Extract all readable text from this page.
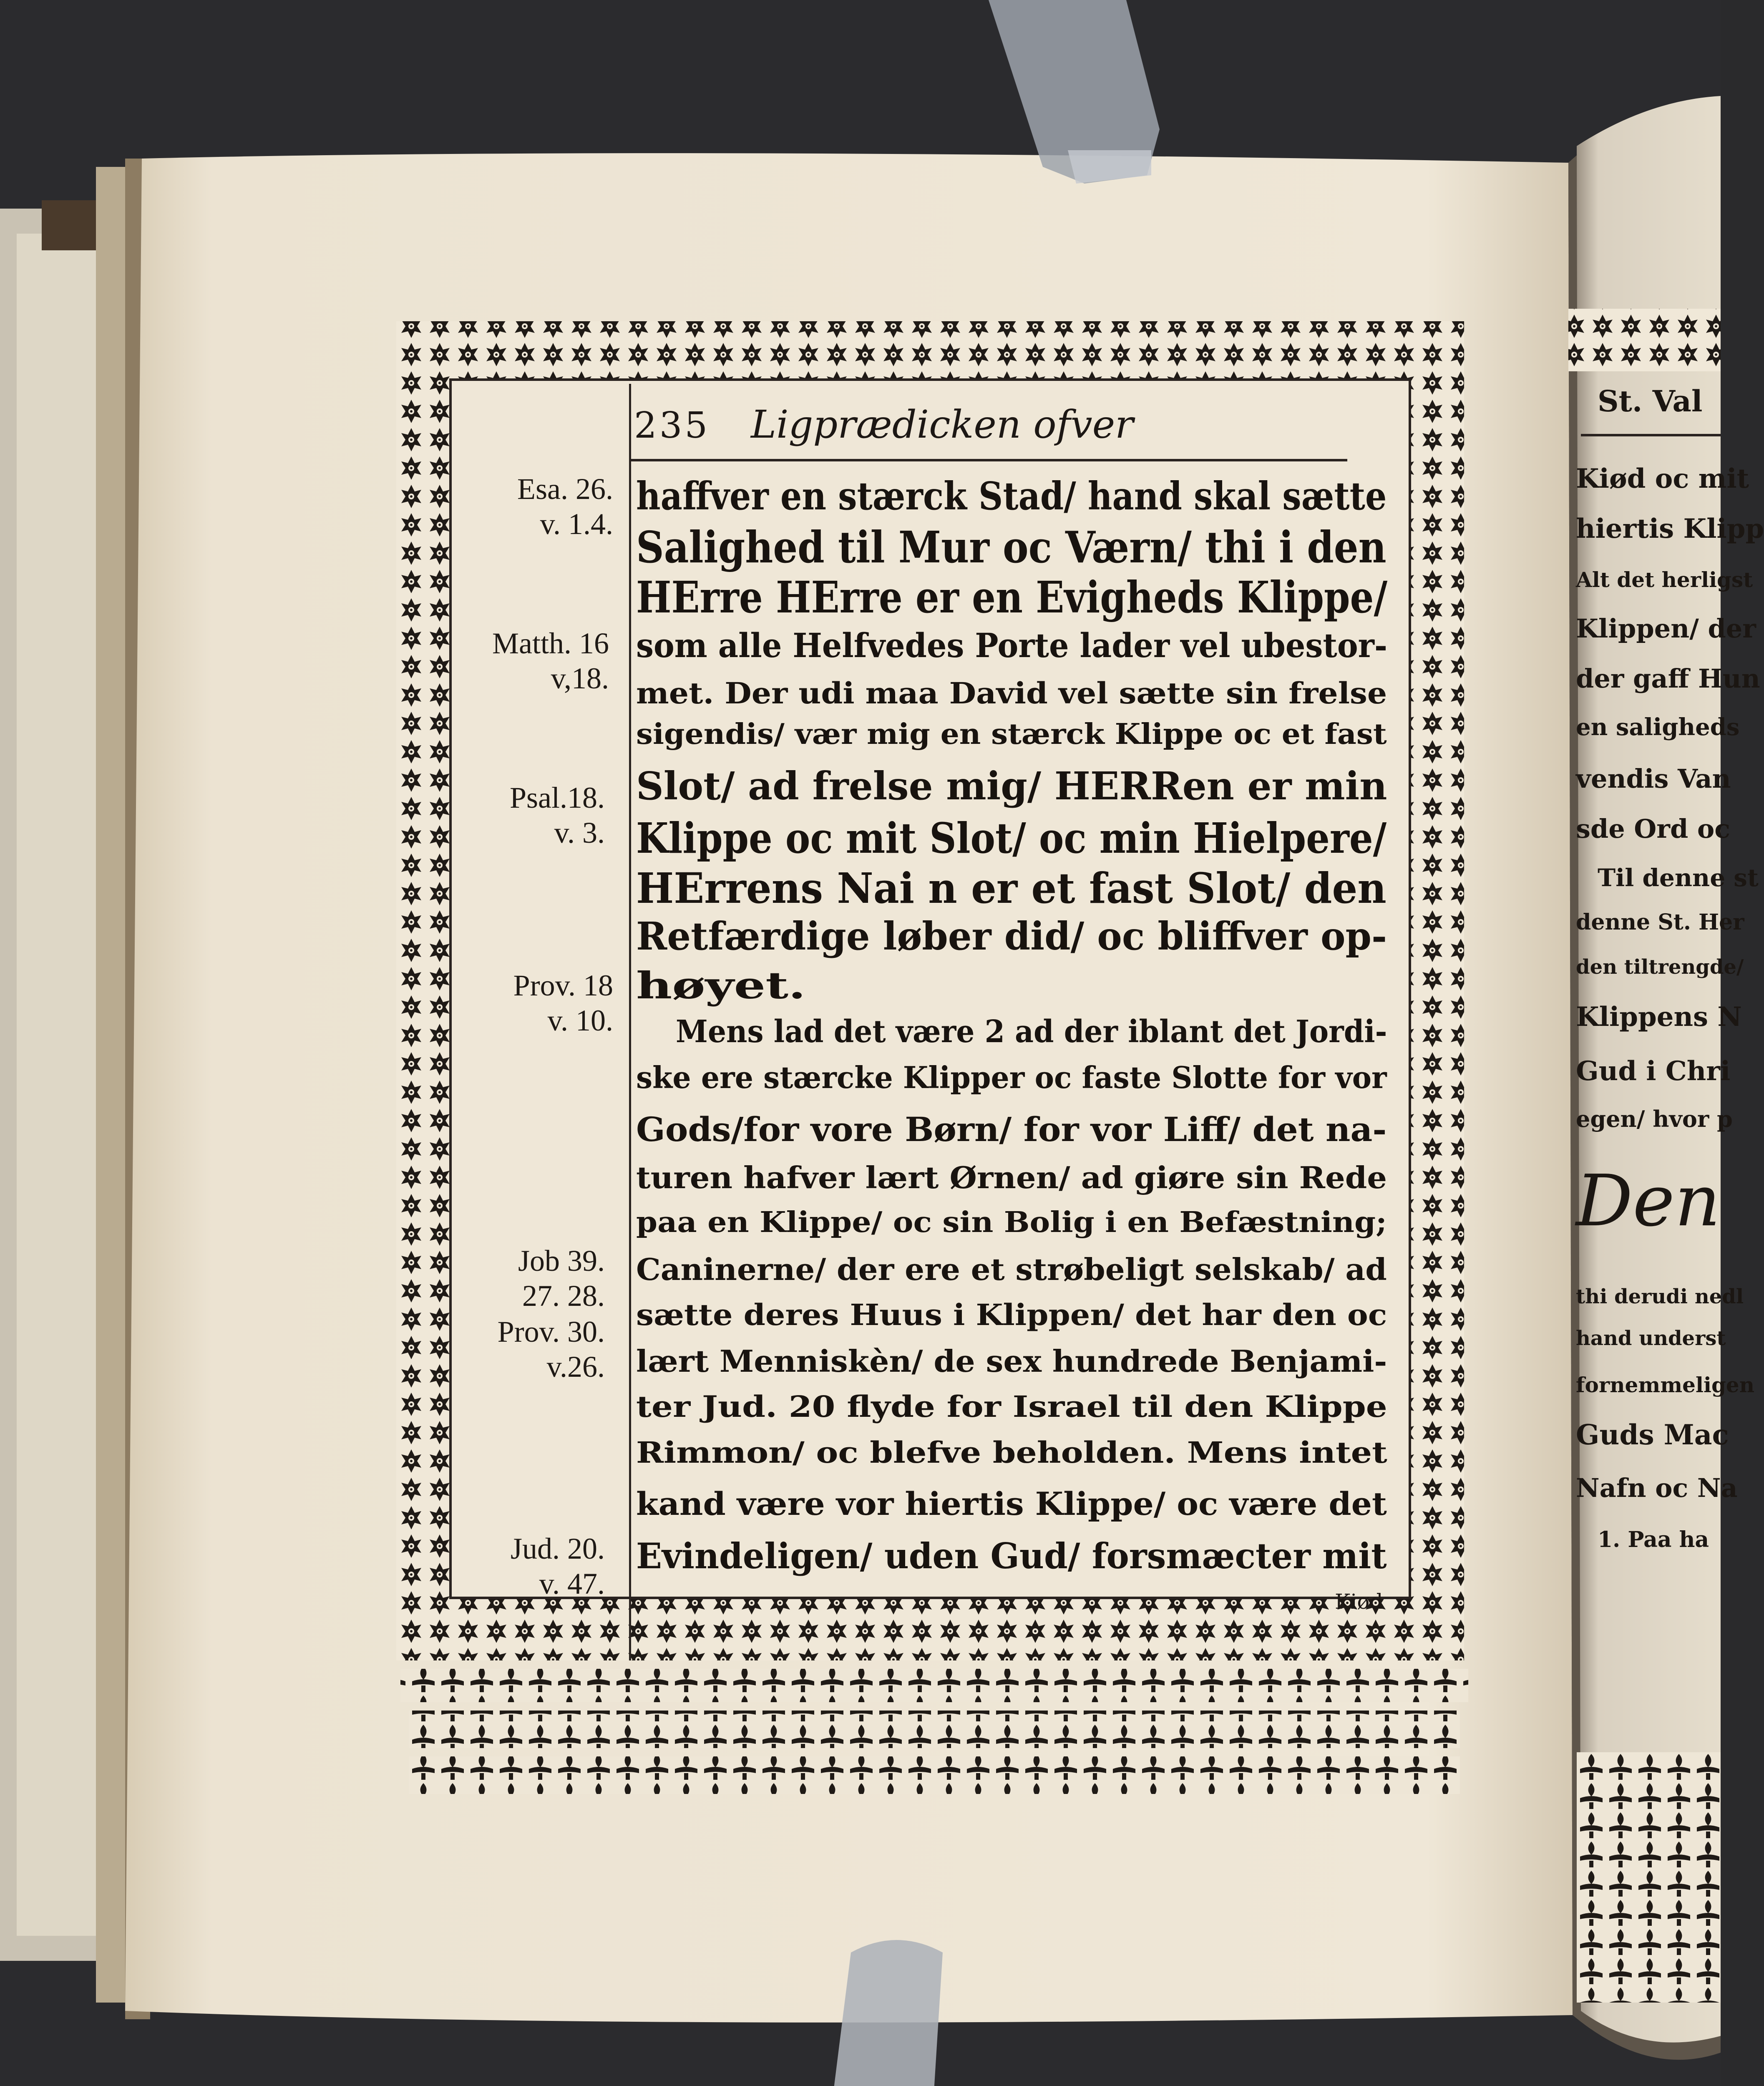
235 Ligprædicken ofver
Esa. 26.
v. 1.4.
Matth. 16
v,18.
Psal.18.
v. 3.
Prov. 18
v. 10.
Job 39.
27. 28.
Prov. 30.
v.26.
Jud. 20.
v. 47.
haffver en stærck Stad/ hand skal sætte
Salighed til Mur oc Værn/ thi i den
HErre HErre er en Evigheds Klippe/
som alle Helfvedes Porte lader vel ubestor-
met. Der udi maa David vel sætte sin frelse
sigendis/ vær mig en stærck Klippe oc et fast
Slot/ ad frelse mig/ HERRen er min
Klippe oc mit Slot/ oc min Hielpere/
HErrens Nai n er et fast Slot/ den
Retfærdige løber did/ oc bliffver op-
høyet.
Mens lad det være 2 ad der iblant det Jordi-
ske ere stærcke Klipper oc faste Slotte for vor
Gods/for vore Børn/ for vor Liff/ det na-
turen hafver lært Ørnen/ ad giøre sin Rede
paa en Klippe/ oc sin Bolig i en Befæstning;
Caninerne/ der ere et strøbeligt selskab/ ad
sætte deres Huus i Klippen/ det har den oc
lært Menniskèn/ de sex hundrede Benjami-
ter Jud. 20 flyde for Israel til den Klippe
Rimmon/ oc blefve beholden. Mens intet
kand være vor hiertis Klippe/ oc være det
Evindeligen/ uden Gud/ forsmæcter mit
Kiød
St. Val
Kiød oc mit
hiertis Klipp
Alt det herligst
Klippen/ der
der gaff Hun
en saligheds
vendis Van
sde Ord oc
Til denne st
denne St. Her
den tiltrengde/
Klippens N
Gud i Chri
egen/ hvor p
Den
thi derudi nedl
hand underst
fornemmeligen
Guds Mac
Nafn oc Na
1. Paa ha
